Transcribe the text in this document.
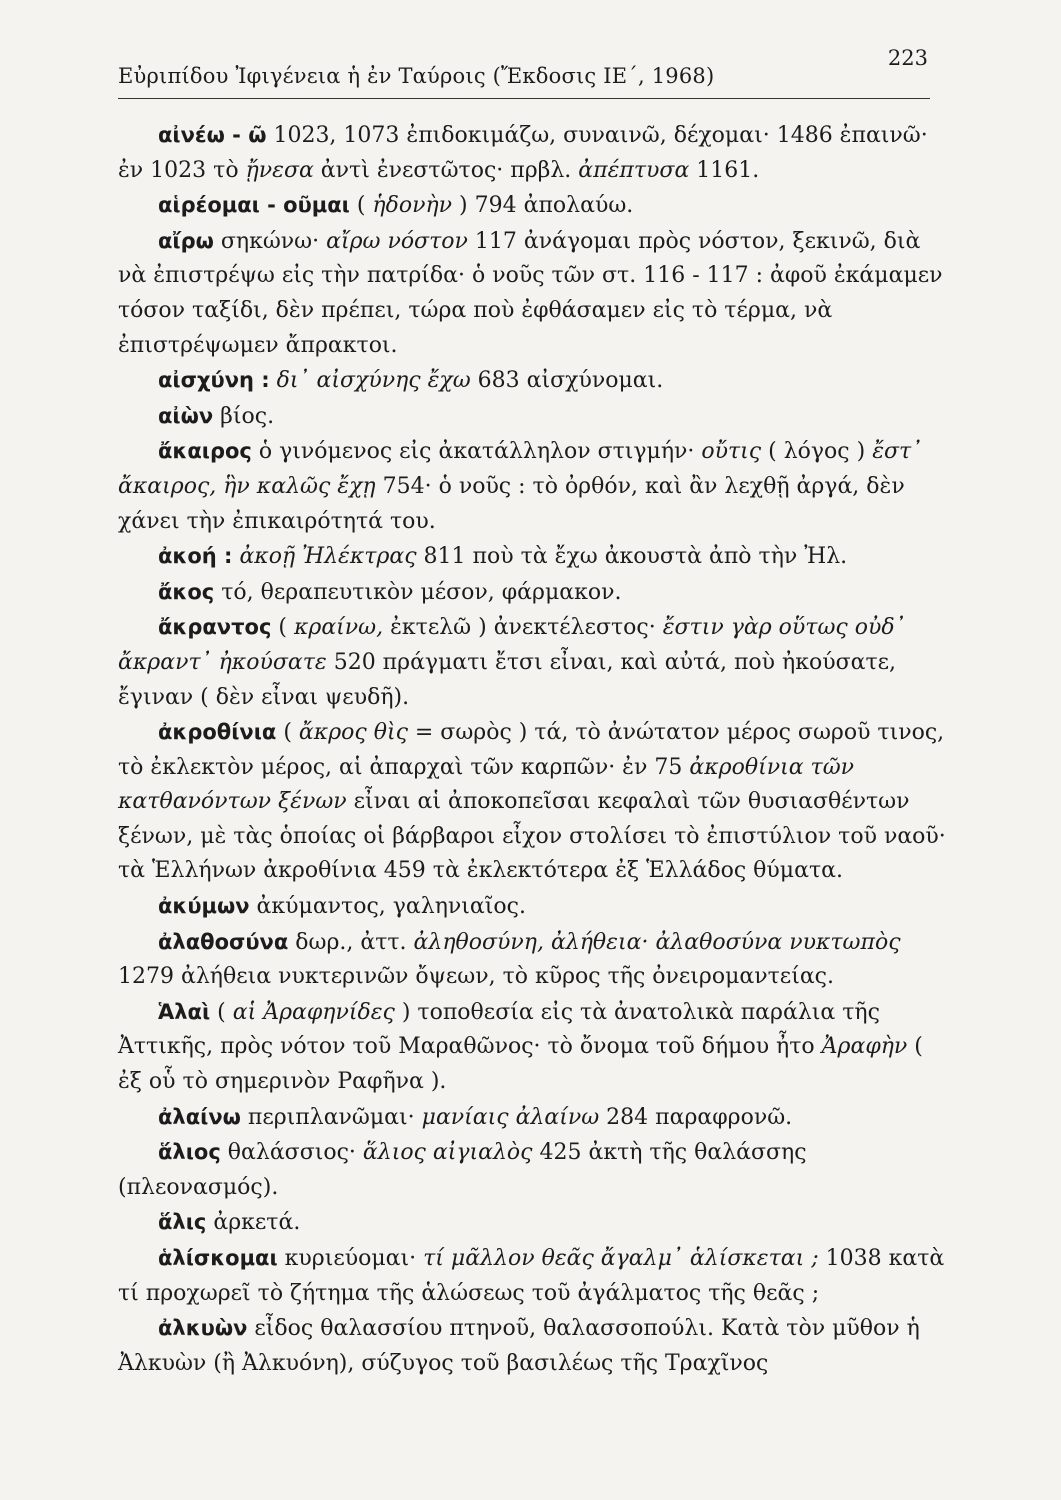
Εὐριπίδου Ἰφιγένεια ἡ ἐν Ταύροις (Ἔκδοσις ΙΕ΄, 1968)
223

αἰνέω - ῶ 1023, 1073 ἐπιδοκιμάζω, συναινῶ, δέχομαι· 1486 ἐπαινῶ· ἐν 1023 τὸ ᾔνεσα ἀντὶ ἐνεστῶτος· πρβλ. ἀπέπτυσα 1161.

αἱρέομαι - οῦμαι ( ἡδονὴν ) 794 ἀπολαύω.

αἴρω σηκώνω· αἴρω νόστον 117 ἀνάγομαι πρὸς νόστον, ξεκινῶ, διὰ νὰ ἐπιστρέψω εἰς τὴν πατρίδα· ὁ νοῦς τῶν στ. 116 - 117 : ἀφοῦ ἐκάμαμεν τόσον ταξίδι, δὲν πρέπει, τώρα ποὺ ἐφθάσαμεν εἰς τὸ τέρμα, νὰ ἐπιστρέψωμεν ἄπρακτοι.

αἰσχύνη : δι᾽ αἰσχύνης ἔχω 683 αἰσχύνομαι.

αἰὼν βίος.

ἄκαιρος ὁ γινόμενος εἰς ἀκατάλληλον στιγμήν· οὔτις ( λόγος ) ἔστ᾽ ἄκαιρος, ἣν καλῶς ἔχῃ 754· ὁ νοῦς : τὸ ὀρθόν, καὶ ἂν λεχθῇ ἀργά, δὲν χάνει τὴν ἐπικαιρότητά του.

ἀκοή : ἀκοῇ Ἠλέκτρας 811 ποὺ τὰ ἔχω ἀκουστὰ ἀπὸ τὴν Ἠλ.

ἄκος τό, θεραπευτικὸν μέσον, φάρμακον.

ἄκραντος ( κραίνω, ἐκτελῶ ) ἀνεκτέλεστος· ἔστιν γὰρ οὕτως οὐδ᾽ ἄκραντ᾽ ἠκούσατε 520 πράγματι ἔτσι εἶναι, καὶ αὐτά, ποὺ ἠκούσατε, ἔγιναν ( δὲν εἶναι ψευδῆ).

ἀκροθίνια ( ἄκρος θὶς = σωρὸς ) τά, τὸ ἀνώτατον μέρος σωροῦ τινος, τὸ ἐκλεκτὸν μέρος, αἱ ἀπαρχαὶ τῶν καρπῶν· ἐν 75 ἀκροθίνια τῶν κατθανόντων ξένων εἶναι αἱ ἀποκοπεῖσαι κεφαλαὶ τῶν θυσιασθέντων ξένων, μὲ τὰς ὁποίας οἱ βάρβαροι εἶχον στολίσει τὸ ἐπιστύλιον τοῦ ναοῦ· τὰ Ἑλλήνων ἀκροθίνια 459 τὰ ἐκλεκτότερα ἐξ Ἑλλάδος θύματα.

ἀκύμων ἀκύμαντος, γαληνιαῖος.

ἀλαθοσύνα δωρ., ἀττ. ἀληθοσύνη, ἀλήθεια· ἀλαθοσύνα νυκτωπὸς 1279 ἀλήθεια νυκτερινῶν ὄψεων, τὸ κῦρος τῆς ὀνειρομαντείας.

Ἁλαὶ ( αἱ Ἀραφηνίδες ) τοποθεσία εἰς τὰ ἀνατολικὰ παράλια τῆς Ἀττικῆς, πρὸς νότον τοῦ Μαραθῶνος· τὸ ὄνομα τοῦ δήμου ἦτο Ἀραφὴν ( ἐξ οὗ τὸ σημερινὸν Ραφῆνα ).

ἀλαίνω περιπλανῶμαι· μανίαις ἀλαίνω 284 παραφρονῶ.

ἅλιος θαλάσσιος· ἅλιος αἰγιαλὸς 425 ἀκτὴ τῆς θαλάσσης (πλεονασμός).

ἅλις ἀρκετά.

ἁλίσκομαι κυριεύομαι· τί μᾶλλον θεᾶς ἄγαλμ᾽ ἁλίσκεται ; 1038 κατὰ τί προχωρεῖ τὸ ζήτημα τῆς ἁλώσεως τοῦ ἀγάλματος τῆς θεᾶς ;

ἀλκυὼν εἶδος θαλασσίου πτηνοῦ, θαλασσοπούλι. Κατὰ τὸν μῦθον ἡ Ἀλκυὼν (ἢ Ἀλκυόνη), σύζυγος τοῦ βασιλέως τῆς Τραχῖνος
